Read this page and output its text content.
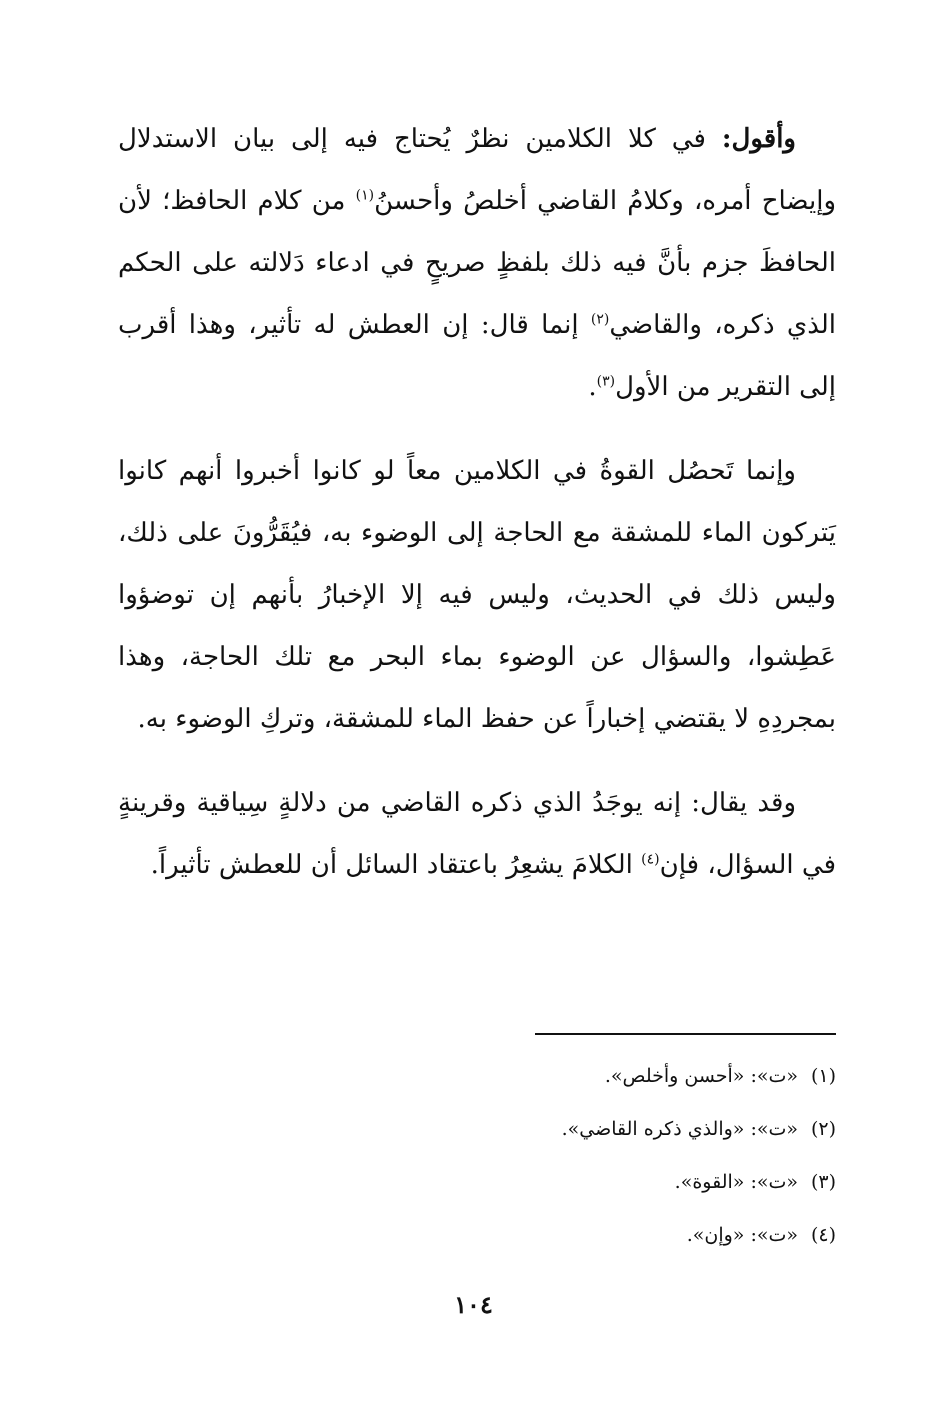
وأقول: في كلا الكلامين نظرٌ يُحتاج فيه إلى بيان الاستدلال وإيضاح أمره، وكلامُ القاضي أخلصُ وأحسنُ$^{(١)}$ من كلام الحافظ؛ لأن الحافظَ جزم بأنَّ فيه ذلك بلفظٍ صريحٍ في ادعاء دَلالته على الحكم الذي ذكره، والقاضي$^{(٢)}$ إنما قال: إن العطش له تأثير، وهذا أقرب إلى التقرير من الأول$^{(٣)}$.

وإنما تَحصُل القوةُ في الكلامين معاً لو كانوا أخبروا أنهم كانوا يَتركون الماء للمشقة مع الحاجة إلى الوضوء به، فيُقَرُّونَ على ذلك، وليس ذلك في الحديث، وليس فيه إلا الإخبارُ بأنهم إن توضؤوا عَطِشوا، والسؤال عن الوضوء بماء البحر مع تلك الحاجة، وهذا بمجردِهِ لا يقتضي إخباراً عن حفظ الماء للمشقة، وتركِ الوضوء به.

وقد يقال: إنه يوجَدُ الذي ذكره القاضي من دلالةٍ سِياقية وقرينةٍ في السؤال، فإن$^{(٤)}$ الكلامَ يشعِرُ باعتقاد السائل أن للعطش تأثيراً.

(١)«ت»: «أحسن وأخلص».
(٢)«ت»: «والذي ذكره القاضي».
(٣)«ت»: «القوة».
(٤)«ت»: «وإن».
١٠٤
